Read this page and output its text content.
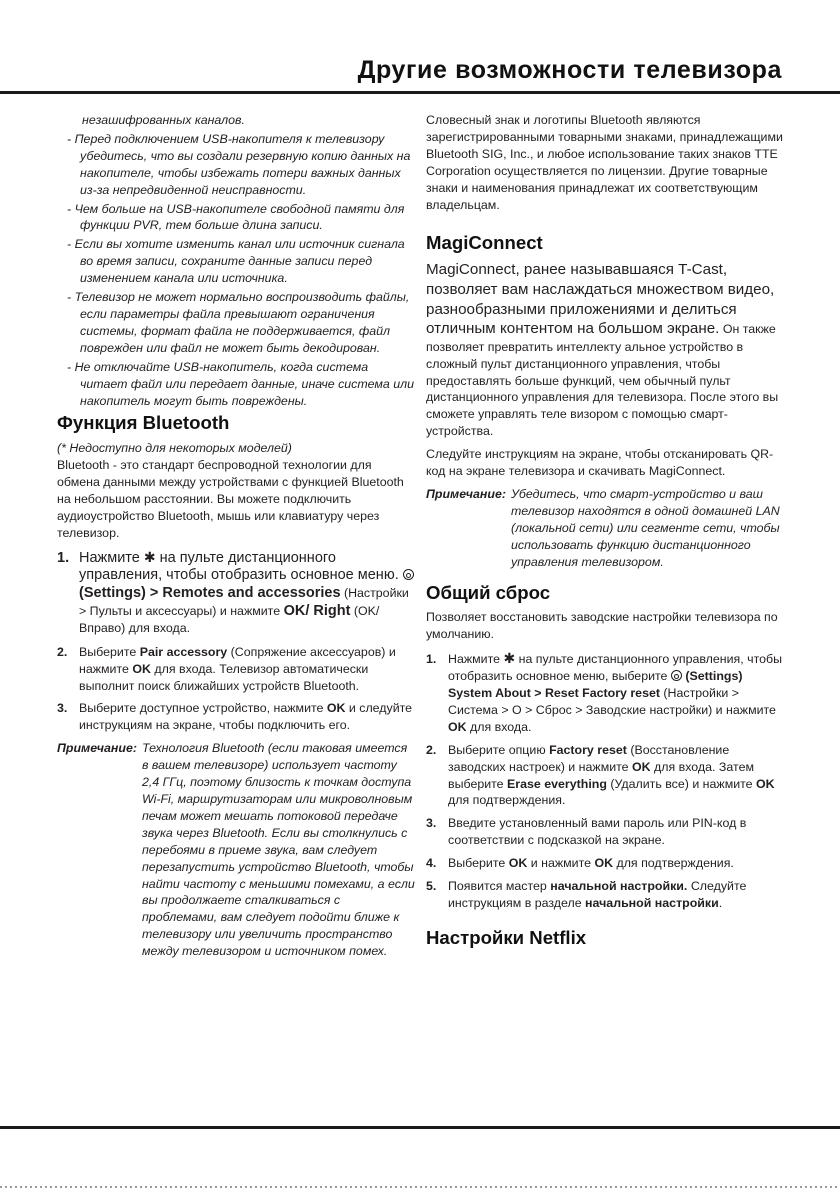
Другие возможности телевизора

незашифрованных каналов.

- Перед подключением USB-накопителя к телевизору убедитесь, что вы создали резервную копию данных на накопителе, чтобы избежать потери важных данных из-за непредвиденной неисправности.

- Чем больше на USB-накопителе свободной памяти для функции PVR, тем больше длина записи.

- Если вы хотите изменить канал или источник сигнала во время записи, сохраните данные записи перед изменением канала или источника.

- Телевизор не может нормально воспроизводить файлы, если параметры файла превышают ограничения системы, формат файла не поддерживается, файл поврежден или файл не может быть декодирован.

- Не отключайте USB-накопитель, когда система читает файл или передает данные, иначе система или накопитель могут быть повреждены.

Функция Bluetooth

(* Недоступно для некоторых моделей)

Bluetooth - это стандарт беспроводной технологии для обмена данными между устройствами с функцией Bluetooth на небольшом расстоянии. Вы можете подключить аудиоустройство Bluetooth, мышь или клавиатуру через телевизор.

1. Нажмите ✱ на пульте дистанционного управления, чтобы отобразить основное меню. (Settings) > Remotes and accessories (Настройки > Пульты и аксессуары) и нажмите OK/ Right (OK/Вправо) для входа.
2. Выберите Pair accessory (Сопряжение аксессуаров) и нажмите OK для входа. Телевизор автоматически выполнит поиск ближайших устройств Bluetooth.
3. Выберите доступное устройство, нажмите OK и следуйте инструкциям на экране, чтобы подключить его.
Примечание: Технология Bluetooth (если таковая имеется в вашем телевизоре) использует частоту 2,4 ГГц, поэтому близость к точкам доступа Wi-Fi, маршрутизаторам или микроволновым печам может мешать потоковой передаче звука через Bluetooth. Если вы столкнулись с перебоями в приеме звука, вам следует перезапустить устройство Bluetooth, чтобы найти частоту с меньшими помехами, а если вы продолжаете сталкиваться с проблемами, вам следует подойти ближе к телевизору или увеличить пространство между телевизором и источником помех.

Словесный знак и логотипы Bluetooth являются зарегистрированными товарными знаками, принадлежащими Bluetooth SIG, Inc., и любое использование таких знаков TTE Corporation осуществляется по лицензии. Другие товарные знаки и наименования принадлежат их соответствующим владельцам.

MagiConnect

MagiConnect, ранее называвшаяся T-Cast, позволяет вам наслаждаться множеством видео, разнообразными приложениями и делиться отличным контентом на большом экране. Он также позволяет превратить интеллекту альное устройство в сложный пульт дистанционного управления, чтобы предоставлять больше функций, чем обычный пульт дистанционного управления для телевизора. После этого вы сможете управлять теле визором с помощью смарт-устройства.

Следуйте инструкциям на экране, чтобы отсканировать QR-код на экране телевизора и скачивать MagiConnect.

Примечание: Убедитесь, что смарт-устройство и ваш телевизор находятся в одной домашней LAN (локальной сети) или сегменте сети, чтобы использовать функцию дистанционного управления телевизором.
Общий сброс

Позволяет восстановить заводские настройки телевизора по умолчанию.

1. Нажмите ✱ на пульте дистанционного управления, чтобы отобразить основное меню, выберите  (Settings) System About > Reset Factory reset (Настройки > Система > О > Сброс > Заводские настройки) и нажмите OK для входа.
2. Выберите опцию Factory reset (Восстановление заводских настроек) и нажмите OK для входа. Затем выберите Erase everything (Удалить все) и нажмите OK для подтверждения.
3. Введите установленный вами пароль или PIN-код в соответствии с подсказкой на экране.
4. Выберите OK и нажмите OK для подтверждения.
5. Появится мастер начальной настройки. Следуйте инструкциям в разделе начальной настройки.
Настройки Netflix
